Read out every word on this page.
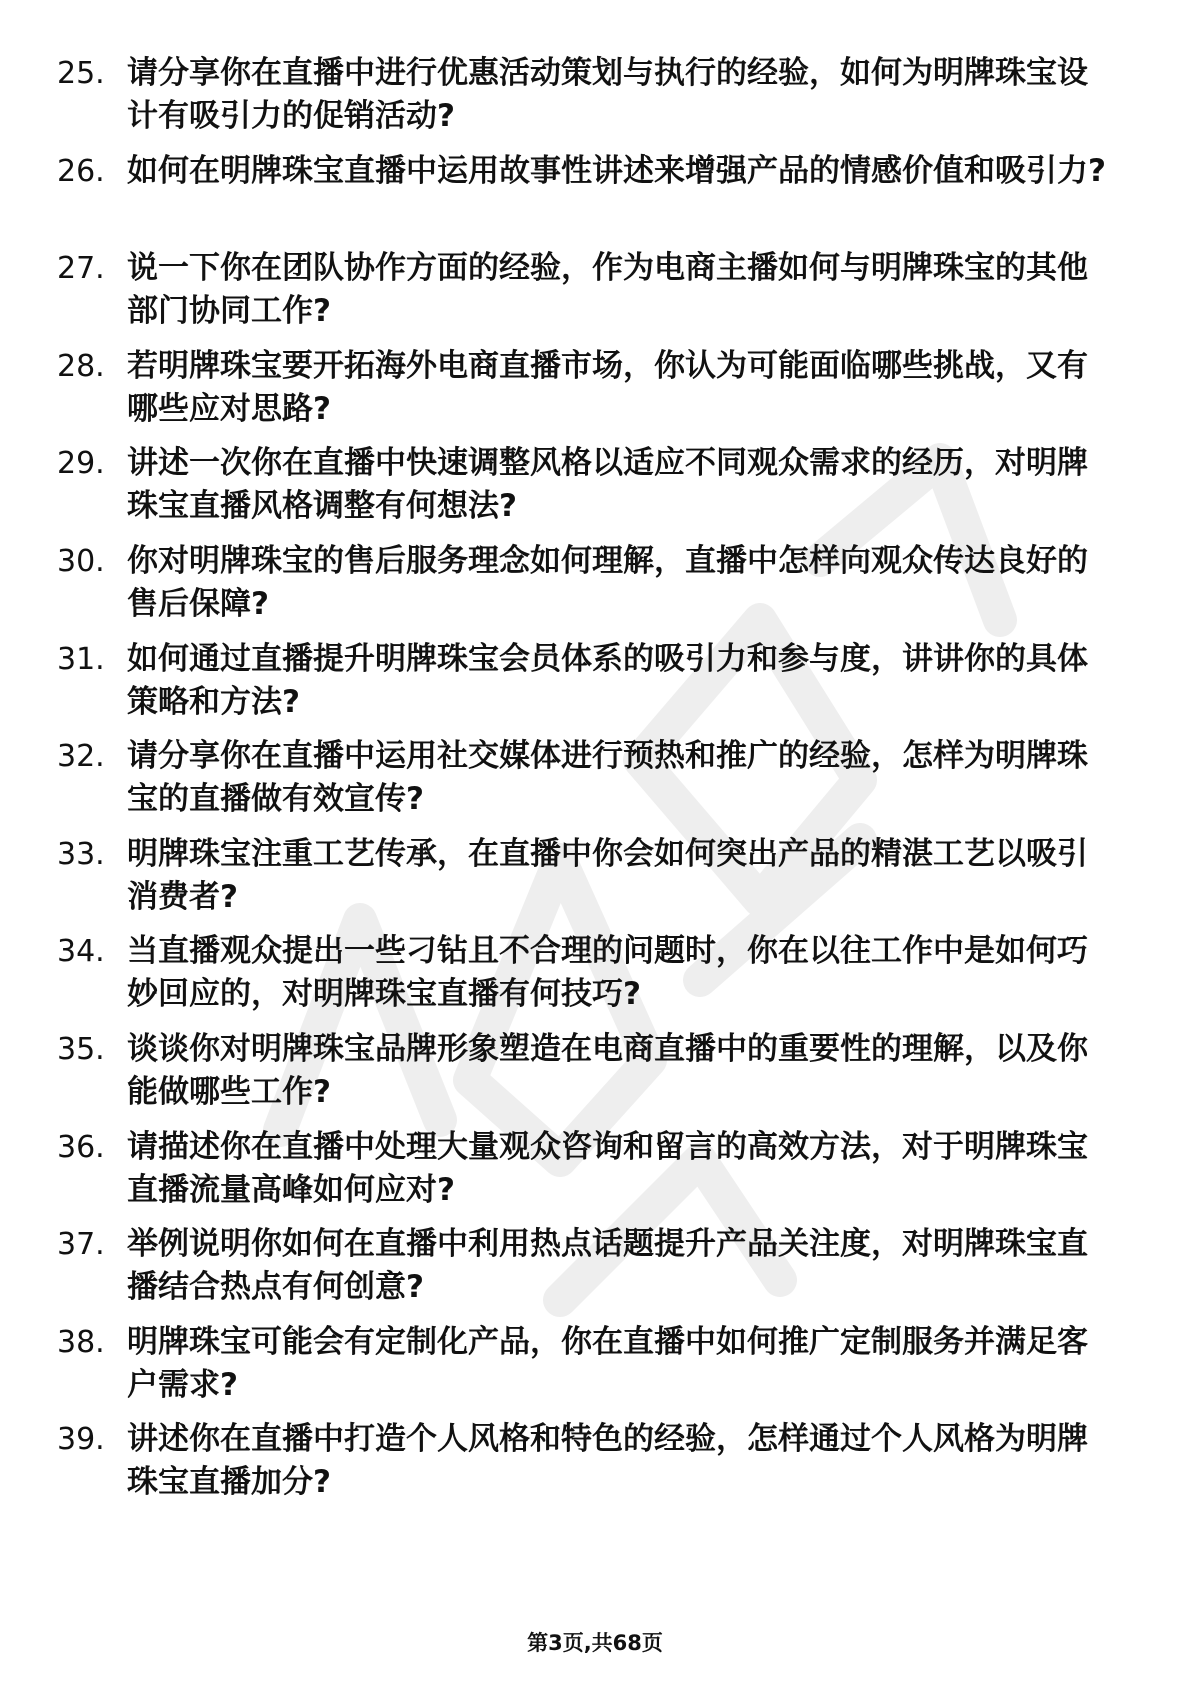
25. 请分享你在直播中进行优惠活动策划与执行的经验，如何为明牌珠宝设计有吸引力的促销活动?
26. 如何在明牌珠宝直播中运用故事性讲述来增强产品的情感价值和吸引力?
27. 说一下你在团队协作方面的经验，作为电商主播如何与明牌珠宝的其他部门协同工作?
28. 若明牌珠宝要开拓海外电商直播市场，你认为可能面临哪些挑战，又有哪些应对思路?
29. 讲述一次你在直播中快速调整风格以适应不同观众需求的经历，对明牌珠宝直播风格调整有何想法?
30. 你对明牌珠宝的售后服务理念如何理解，直播中怎样向观众传达良好的售后保障?
31. 如何通过直播提升明牌珠宝会员体系的吸引力和参与度，讲讲你的具体策略和方法?
32. 请分享你在直播中运用社交媒体进行预热和推广的经验，怎样为明牌珠宝的直播做有效宣传?
33. 明牌珠宝注重工艺传承，在直播中你会如何突出产品的精湛工艺以吸引消费者?
34. 当直播观众提出一些刁钻且不合理的问题时，你在以往工作中是如何巧妙回应的，对明牌珠宝直播有何技巧?
35. 谈谈你对明牌珠宝品牌形象塑造在电商直播中的重要性的理解，以及你能做哪些工作?
36. 请描述你在直播中处理大量观众咨询和留言的高效方法，对于明牌珠宝直播流量高峰如何应对?
37. 举例说明你如何在直播中利用热点话题提升产品关注度，对明牌珠宝直播结合热点有何创意?
38. 明牌珠宝可能会有定制化产品，你在直播中如何推广定制服务并满足客户需求?
39. 讲述你在直播中打造个人风格和特色的经验，怎样通过个人风格为明牌珠宝直播加分?
第3页,共68页
